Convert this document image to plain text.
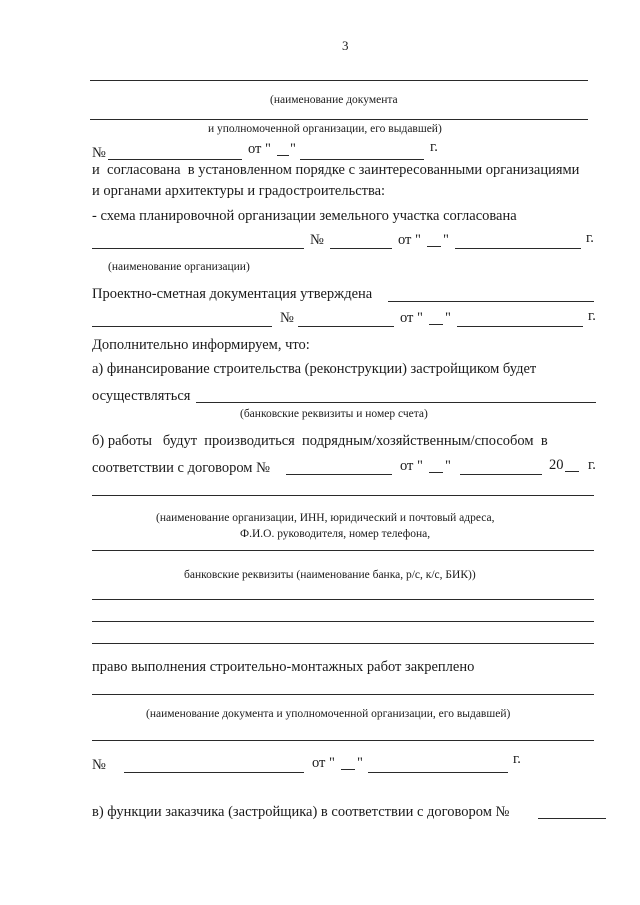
3
(наименование документа
и уполномоченной организации, его выдавшей)
№	от " "	г.
и  согласована  в установленном порядке с заинтересованными организациями
и органами архитектуры и градостроительства:
- схема планировочной организации земельного участка согласована
№	от " "	г.
(наименование организации)
Проектно-сметная документация утверждена
№	от " "	г.
Дополнительно информируем, что:
а) финансирование строительства (реконструкции) застройщиком будет
осуществляться
(банковские реквизиты и номер счета)
б) работы   будут  производиться  подрядным/хозяйственным/способом  в
соответствии с договором №	от " "	20 г.
(наименование организации, ИНН, юридический и почтовый адреса,
Ф.И.О. руководителя, номер телефона,
банковские реквизиты (наименование банка, р/с, к/с, БИК))
право выполнения строительно-монтажных работ закреплено
(наименование документа и уполномоченной организации, его выдавшей)
№	от " "	г.
в) функции заказчика (застройщика) в соответствии с договором №
